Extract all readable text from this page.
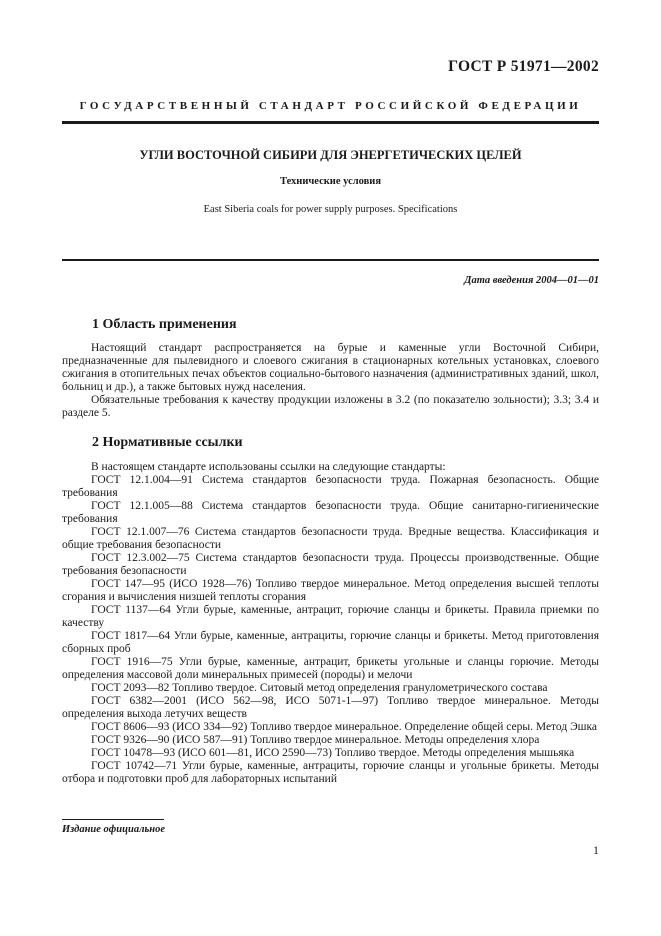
ГОСТ Р 51971—2002
ГОСУДАРСТВЕННЫЙ СТАНДАРТ РОССИЙСКОЙ ФЕДЕРАЦИИ
УГЛИ ВОСТОЧНОЙ СИБИРИ ДЛЯ ЭНЕРГЕТИЧЕСКИХ ЦЕЛЕЙ
Технические условия
East Siberia coals for power supply purposes. Specifications
Дата введения 2004—01—01
1 Область применения

Настоящий стандарт распространяется на бурые и каменные угли Восточной Сибири, предназначенные для пылевидного и слоевого сжигания в стационарных котельных установках, слоевого сжигания в отопительных печах объектов социально-бытового назначения (административных зданий, школ, больниц и др.), а также бытовых нужд населения.

Обязательные требования к качеству продукции изложены в 3.2 (по показателю зольности); 3.3; 3.4 и разделе 5.

2 Нормативные ссылки

В настоящем стандарте использованы ссылки на следующие стандарты:

ГОСТ 12.1.004—91 Система стандартов безопасности труда. Пожарная безопасность. Общие требования

ГОСТ 12.1.005—88 Система стандартов безопасности труда. Общие санитарно-гигиенические требования

ГОСТ 12.1.007—76 Система стандартов безопасности труда. Вредные вещества. Классификация и общие требования безопасности

ГОСТ 12.3.002—75 Система стандартов безопасности труда. Процессы производственные. Общие требования безопасности

ГОСТ 147—95 (ИСО 1928—76) Топливо твердое минеральное. Метод определения высшей теплоты сгорания и вычисления низшей теплоты сгорания

ГОСТ 1137—64 Угли бурые, каменные, антрацит, горючие сланцы и брикеты. Правила приемки по качеству

ГОСТ 1817—64 Угли бурые, каменные, антрациты, горючие сланцы и брикеты. Метод приготовления сборных проб

ГОСТ 1916—75 Угли бурые, каменные, антрацит, брикеты угольные и сланцы горючие. Методы определения массовой доли минеральных примесей (породы) и мелочи

ГОСТ 2093—82 Топливо твердое. Ситовый метод определения гранулометрического состава

ГОСТ 6382—2001 (ИСО 562—98, ИСО 5071-1—97) Топливо твердое минеральное. Методы определения выхода летучих веществ

ГОСТ 8606—93 (ИСО 334—92) Топливо твердое минеральное. Определение общей серы. Метод Эшка

ГОСТ 9326—90 (ИСО 587—91) Топливо твердое минеральное. Методы определения хлора

ГОСТ 10478—93 (ИСО 601—81, ИСО 2590—73) Топливо твердое. Методы определения мышьяка

ГОСТ 10742—71 Угли бурые, каменные, антрациты, горючие сланцы и угольные брикеты. Методы отбора и подготовки проб для лабораторных испытаний

Издание официальное
1
